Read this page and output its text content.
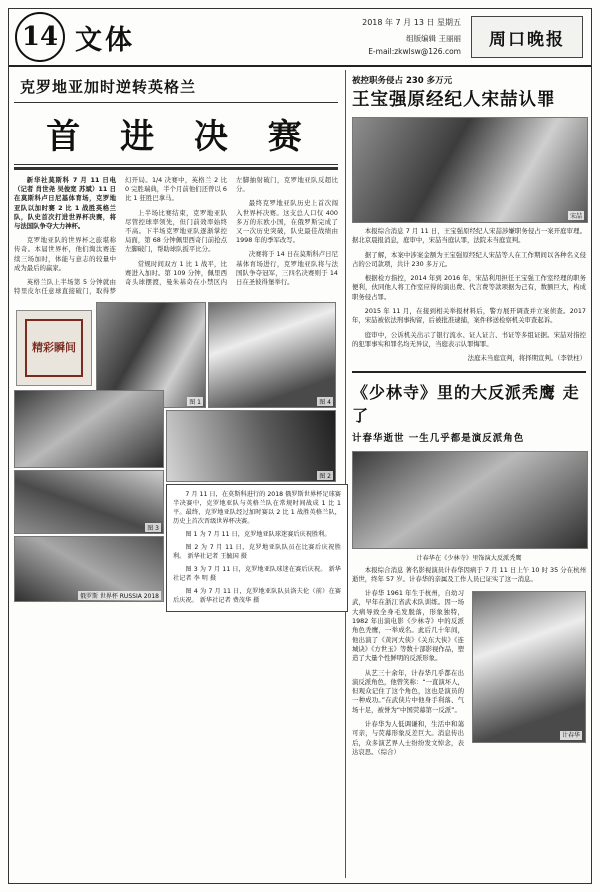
14 文体
2018 年 7 月 13 日 星期五
组版编辑 王丽丽
E-mail:zkwlsw@126.com
周口晚报
克罗地亚加时逆转英格兰
首 进 决 赛

新华社莫斯科 7 月 11 日电 （记者 肖世尧 吴俊宽 苏斌）11 日在莫斯科卢日尼基体育场，克罗地亚队以加时赛 2 比 1 战胜英格兰队，队史首次打进世界杯决赛，将与法国队争夺大力神杯。

克罗地亚队的世界杯之旅堪称传奇。本届世界杯，他们淘汰赛连续三场加时，体能与意志的较量中成为最后的赢家。

英格兰队上半场第 5 分钟就由特里皮尔任意球直接破门，取得梦幻开局。1/4 决赛中，英格兰 2 比 0 完胜瑞典，半个月前他们还曾以 6 比 1 狂胜巴拿马。

上半场比赛结束，克罗地亚队尽管控球率领先，但门前效率始终不高。下半场克罗地亚队逐渐掌控局面，第 68 分钟佩里西奇门前抢点左脚破门，帮助球队扳平比分。

常规时间双方 1 比 1 战平，比赛进入加时。第 109 分钟，佩里西奇头球摆渡，曼朱基奇在小禁区内左脚抽射破门，克罗地亚队反超比分。

最终克罗地亚队历史上首次闯入世界杯决赛。这支总人口仅 400 多万的东欧小国，在俄罗斯完成了又一次历史突破，队史最佳战绩由 1998 年的季军改写。

决赛将于 14 日在莫斯科卢日尼基体育场进行，克罗地亚队将与法国队争夺冠军，三四名决赛则于 14 日在圣彼得堡举行。

精彩瞬间
图 1	图 4
图 2
图 3
俄罗斯 世界杯 RUSSIA 2018

7 月 11 日，在莫斯科进行的 2018 俄罗斯世界杯足球赛半决赛中，克罗地亚队与英格兰队在常规时间战成 1 比 1 平。最终，克罗地亚队经过加时赛以 2 比 1 战胜英格兰队，历史上首次晋级世界杯决赛。

图 1 为 7 月 11 日，克罗地亚队球迷赛后庆祝胜利。

图 2 为 7 月 11 日，克罗地亚队队员在比赛后庆祝胜利。 新华社记者 王毓国 摄

图 3 为 7 月 11 日，克罗地亚队球迷在赛后庆祝。 新华社记者 李 明 摄

图 4 为 7 月 11 日，克罗地亚队队员洛夫伦（前）在赛后庆祝。 新华社记者 费茂华 摄

被控职务侵占 230 多万元
王宝强原经纪人宋喆认罪
宋喆

本报综合消息 7 月 11 日，王宝强原经纪人宋喆涉嫌职务侵占一案开庭审理。据北京晨报消息，庭审中，宋喆当庭认罪，法院未当庭宣判。

据了解，本案中涉案金额为王宝强原经纪人宋喆等人在工作期间以各种名义侵占的公司款项，共计 230 多万元。

根据检方指控，2014 年到 2016 年，宋喆利用担任王宝强工作室经理的职务便利，伙同他人将工作室应得的演出费、代言费等款项据为己有，数额巨大，构成职务侵占罪。

2015 年 11 月，在接到相关举报材料后，警方展开调查并立案侦查。2017 年，宋喆被依法刑事拘留，后被批准逮捕，案件移送检察机关审查起诉。

庭审中，公诉机关出示了银行流水、证人证言、书证等多组证据。宋喆对指控的犯罪事实和罪名均无异议，当庭表示认罪悔罪。

法庭未当庭宣判，将择期宣判。（李铁柱）

《少林寺》里的大反派秃鹰 走了
计春华逝世 一生几乎都是演反派角色
计春华在《少林寺》里饰演大反派秃鹰

本报综合消息 著名影视演员计春华因病于 7 月 11 日上午 10 时 35 分在杭州逝世，终年 57 岁。计春华的亲属及工作人员已证实了这一消息。

计春华

计春华 1961 年生于杭州，自幼习武，早年在浙江省武术队训练。因一场大病导致全身毛发脱落，形象独特，1982 年出演电影《少林寺》中的反派角色秃鹰，一举成名。此后几十年间，他出演了《黄河大侠》《关东大侠》《连城诀》《方世玉》等数十部影视作品，塑造了大量个性鲜明的反派形象。

从艺三十余年，计春华几乎都在出演反派角色，他曾笑称：“一直演坏人，但观众记住了这个角色，这也是演员的一种成功。”在武侠片中他身手利落、气场十足，被誉为“中国荧幕第一反派”。

计春华为人低调谦和，生活中和蔼可亲，与荧幕形象反差巨大。消息传出后，众多演艺界人士纷纷发文悼念，表达哀思。（综合）
